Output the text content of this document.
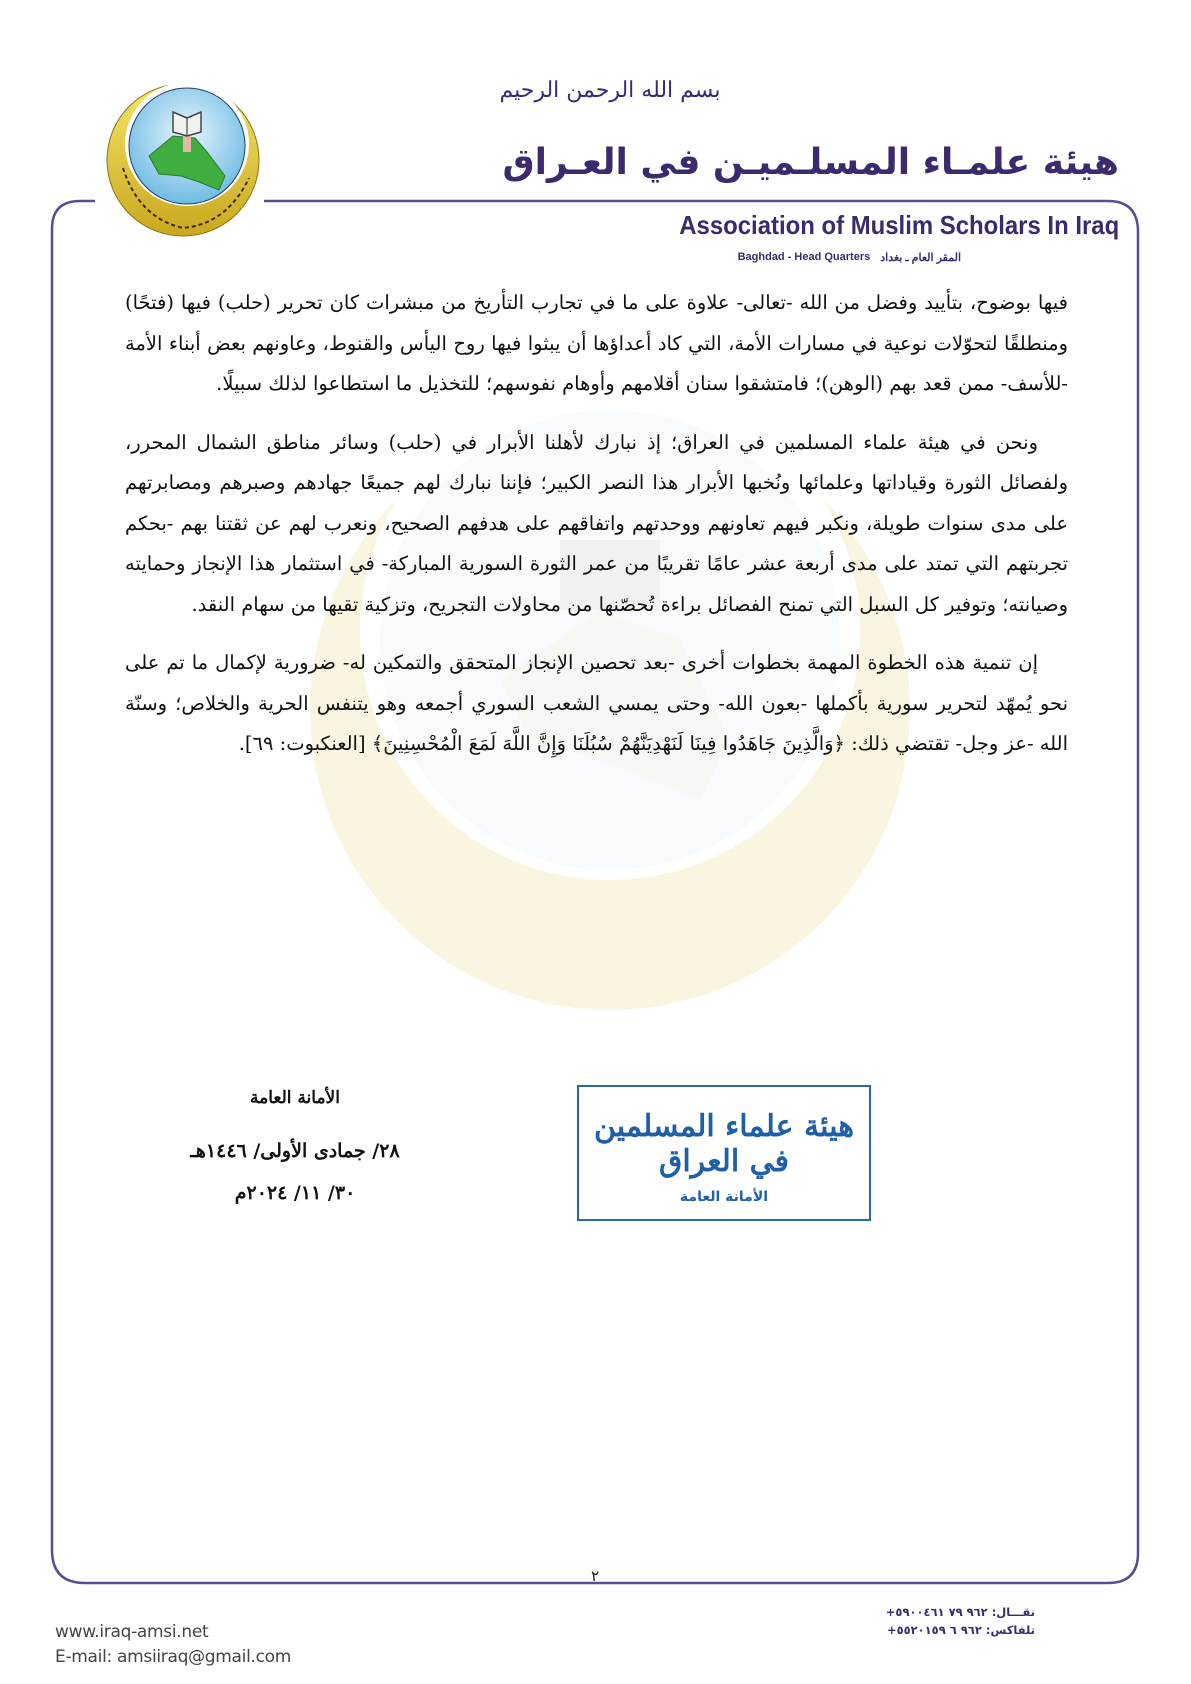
بسم الله الرحمن الرحيم
هيئة علمـاء المسلـميـن في العـراق
Association of Muslim Scholars In Iraq
Baghdad - Head Quarters المقر العام ـ بغداد

فيها بوضوح، بتأييد وفضل من الله -تعالى- علاوة على ما في تجارب التأريخ من مبشرات كان تحرير (حلب) فيها (فتحًا) ومنطلقًا لتحوّلات نوعية في مسارات الأمة، التي كاد أعداؤها أن يبثوا فيها روح اليأس والقنوط، وعاونهم بعض أبناء الأمة -للأسف- ممن قعد بهم (الوهن)؛ فامتشقوا سنان أقلامهم وأوهام نفوسهم؛ للتخذيل ما استطاعوا لذلك سبيلًا.

ونحن في هيئة علماء المسلمين في العراق؛ إذ نبارك لأهلنا الأبرار في (حلب) وسائر مناطق الشمال المحرر، ولفصائل الثورة وقياداتها وعلمائها ونُخبها الأبرار هذا النصر الكبير؛ فإننا نبارك لهم جميعًا جهادهم وصبرهم ومصابرتهم على مدى سنوات طويلة، ونكبر فيهم تعاونهم ووحدتهم واتفاقهم على هدفهم الصحيح، ونعرب لهم عن ثقتنا بهم -بحكم تجربتهم التي تمتد على مدى أربعة عشر عامًا تقريبًا من عمر الثورة السورية المباركة- في استثمار هذا الإنجاز وحمايته وصيانته؛ وتوفير كل السبل التي تمنح الفصائل براءة تُحصّنها من محاولات التجريح، وتزكية تقيها من سهام النقد.

إن تنمية هذه الخطوة المهمة بخطوات أخرى -بعد تحصين الإنجاز المتحقق والتمكين له- ضرورية لإكمال ما تم على نحو يُمهّد لتحرير سورية بأكملها -بعون الله- وحتى يمسي الشعب السوري أجمعه وهو يتنفس الحرية والخلاص؛ وسنّة الله -عز وجل- تقتضي ذلك: ﴿وَالَّذِينَ جَاهَدُوا فِينَا لَنَهْدِيَنَّهُمْ سُبُلَنَا وَإِنَّ اللَّهَ لَمَعَ الْمُحْسِنِينَ﴾ [العنكبوت: ٦٩].

الأمانة العامة
٢٨/ جمادى الأولى/ ١٤٤٦هـ
٣٠/ ١١/ ٢٠٢٤م
هيئة علماء المسلمين في العراق
الأمانة العامة
٢
www.iraq-amsi.net
E-mail: amsiiraq@gmail.com
نقـــال:
+٩٦٢ ٧٩ ٥٩٠٠٤٦١
تلفاكس:
+٩٦٢ ٦ ٥٥٢٠١٥٩
